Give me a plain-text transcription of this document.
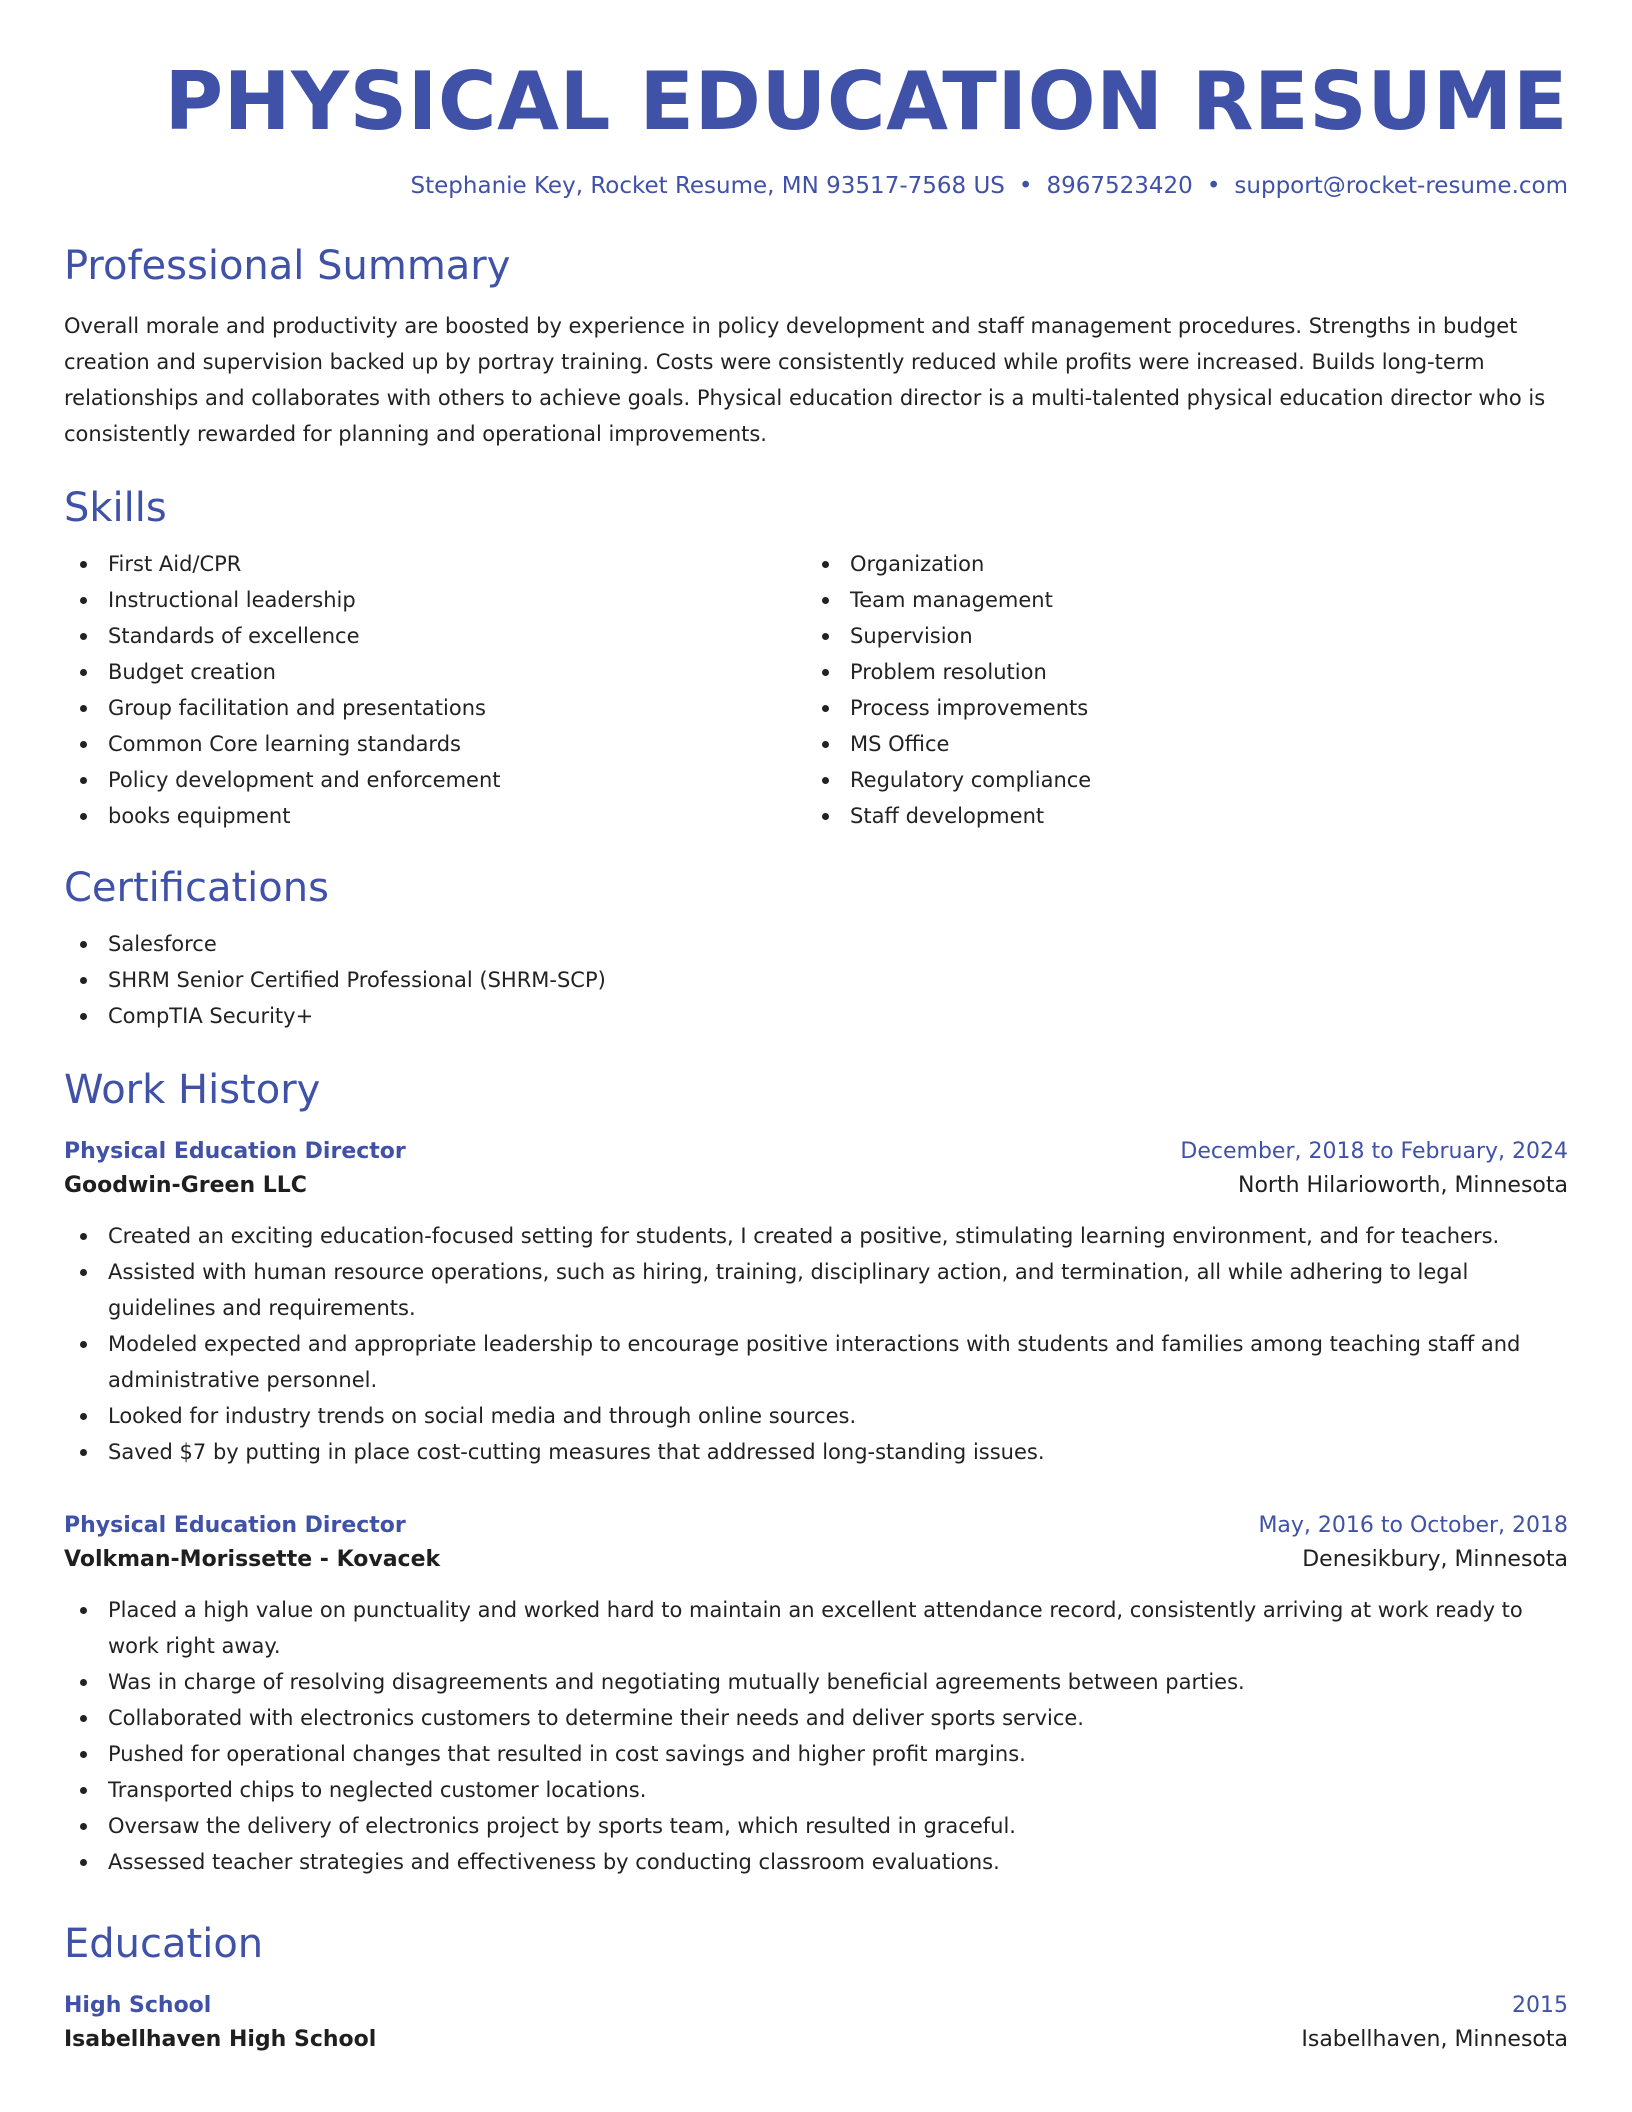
PHYSICAL EDUCATION RESUME
Stephanie Key, Rocket Resume, MN 93517-7568 US • 8967523420 • support@rocket-resume.com
Professional Summary

Overall morale and productivity are boosted by experience in policy development and staff management procedures. Strengths in budget creation and supervision backed up by portray training. Costs were consistently reduced while profits were increased. Builds long-term relationships and collaborates with others to achieve goals. Physical education director is a multi-talented physical education director who is consistently rewarded for planning and operational improvements.

Skills
First Aid/CPR
Instructional leadership
Standards of excellence
Budget creation
Group facilitation and presentations
Common Core learning standards
Policy development and enforcement
books equipment
Organization
Team management
Supervision
Problem resolution
Process improvements
MS Office
Regulatory compliance
Staff development
Certifications
Salesforce
SHRM Senior Certified Professional (SHRM-SCP)
CompTIA Security+
Work History
Physical Education Director	December, 2018 to February, 2024
Goodwin-Green LLC	North Hilarioworth, Minnesota
Created an exciting education-focused setting for students, I created a positive, stimulating learning environment, and for teachers.
Assisted with human resource operations, such as hiring, training, disciplinary action, and termination, all while adhering to legal guidelines and requirements.
Modeled expected and appropriate leadership to encourage positive interactions with students and families among teaching staff and administrative personnel.
Looked for industry trends on social media and through online sources.
Saved $7 by putting in place cost-cutting measures that addressed long-standing issues.
Physical Education Director	May, 2016 to October, 2018
Volkman-Morissette - Kovacek	Denesikbury, Minnesota
Placed a high value on punctuality and worked hard to maintain an excellent attendance record, consistently arriving at work ready to work right away.
Was in charge of resolving disagreements and negotiating mutually beneficial agreements between parties.
Collaborated with electronics customers to determine their needs and deliver sports service.
Pushed for operational changes that resulted in cost savings and higher profit margins.
Transported chips to neglected customer locations.
Oversaw the delivery of electronics project by sports team, which resulted in graceful.
Assessed teacher strategies and effectiveness by conducting classroom evaluations.
Education
High School	2015
Isabellhaven High School	Isabellhaven, Minnesota
